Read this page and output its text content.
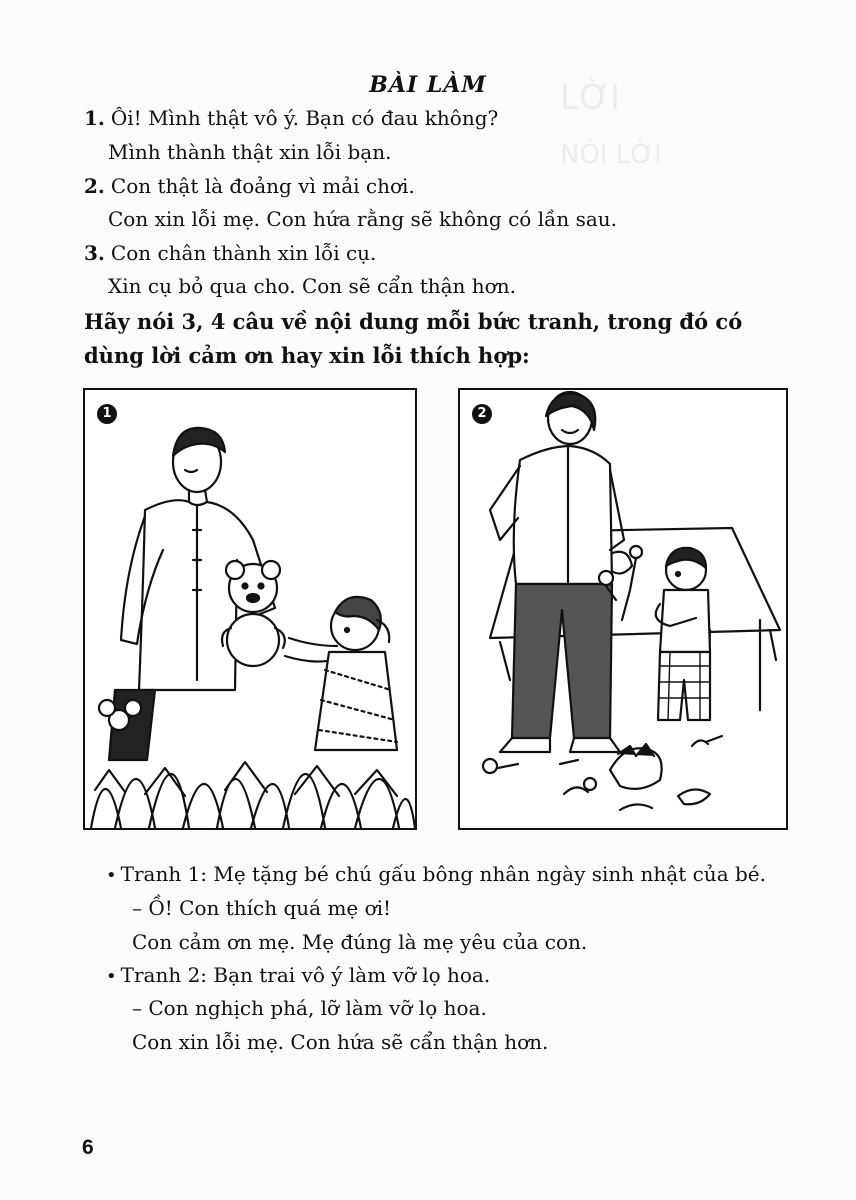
LỜI
NÓI LỜI
BÀI LÀM
1. Ôi! Mình thật vô ý. Bạn có đau không?
Mình thành thật xin lỗi bạn.
2. Con thật là đoảng vì mải chơi.
Con xin lỗi mẹ. Con hứa rằng sẽ không có lần sau.
3. Con chân thành xin lỗi cụ.
Xin cụ bỏ qua cho. Con sẽ cẩn thận hơn.
Hãy nói 3, 4 câu về nội dung mỗi bức tranh, trong đó có
dùng lời cảm ơn hay xin lỗi thích hợp:
1	2
• Tranh 1: Mẹ tặng bé chú gấu bông nhân ngày sinh nhật của bé.
– Ồ! Con thích quá mẹ ơi!
Con cảm ơn mẹ. Mẹ đúng là mẹ yêu của con.
• Tranh 2: Bạn trai vô ý làm vỡ lọ hoa.
– Con nghịch phá, lỡ làm vỡ lọ hoa.
Con xin lỗi mẹ. Con hứa sẽ cẩn thận hơn.
6
